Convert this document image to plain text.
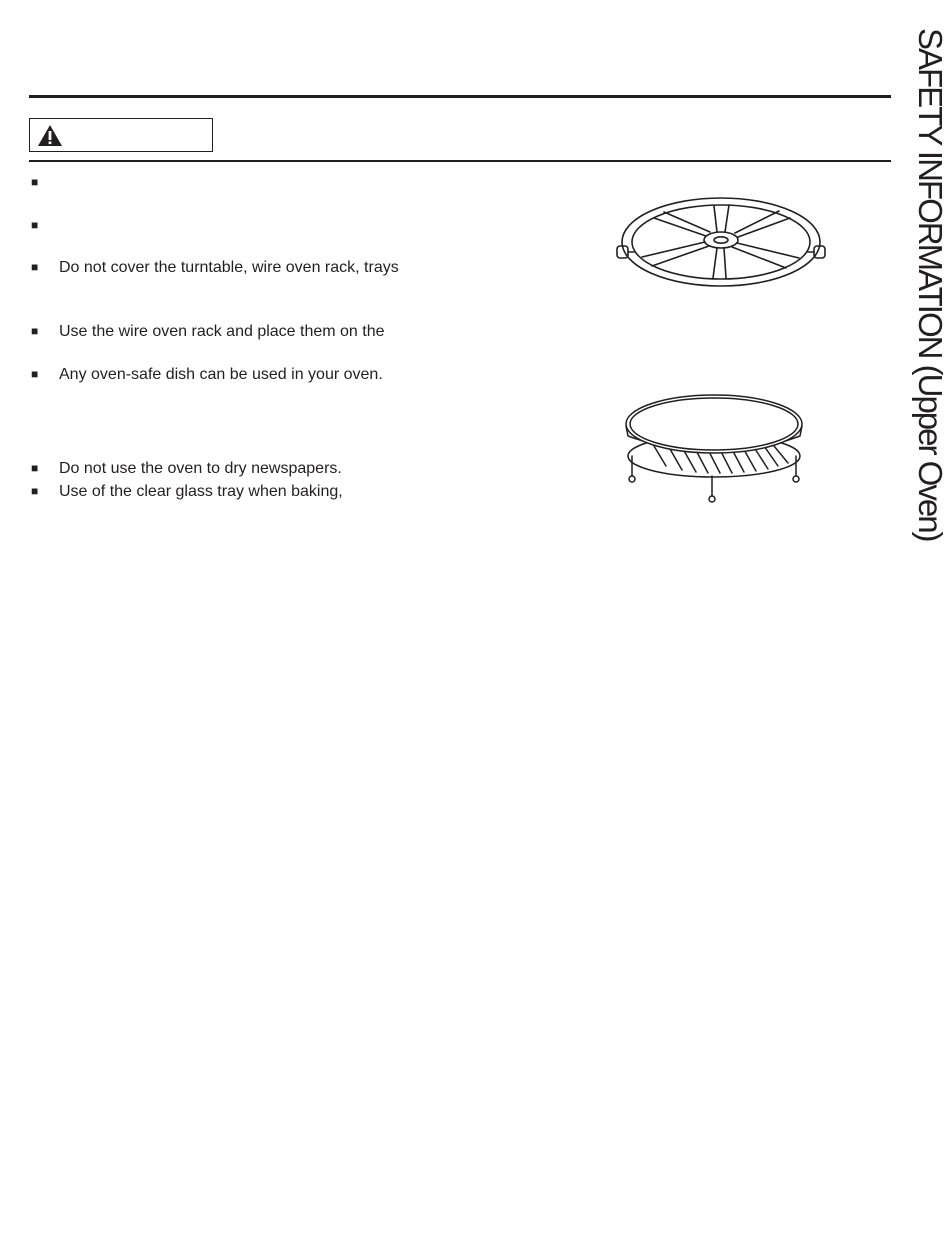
■
■
■ Do not cover the turntable, wire oven rack, trays
■ Use the wire oven rack and place them on the
■ Any oven-safe dish can be used in your oven.
■ Do not use the oven to dry newspapers.
■ Use of the clear glass tray when baking,	SAFETY INFORMATION (Upper Oven)
